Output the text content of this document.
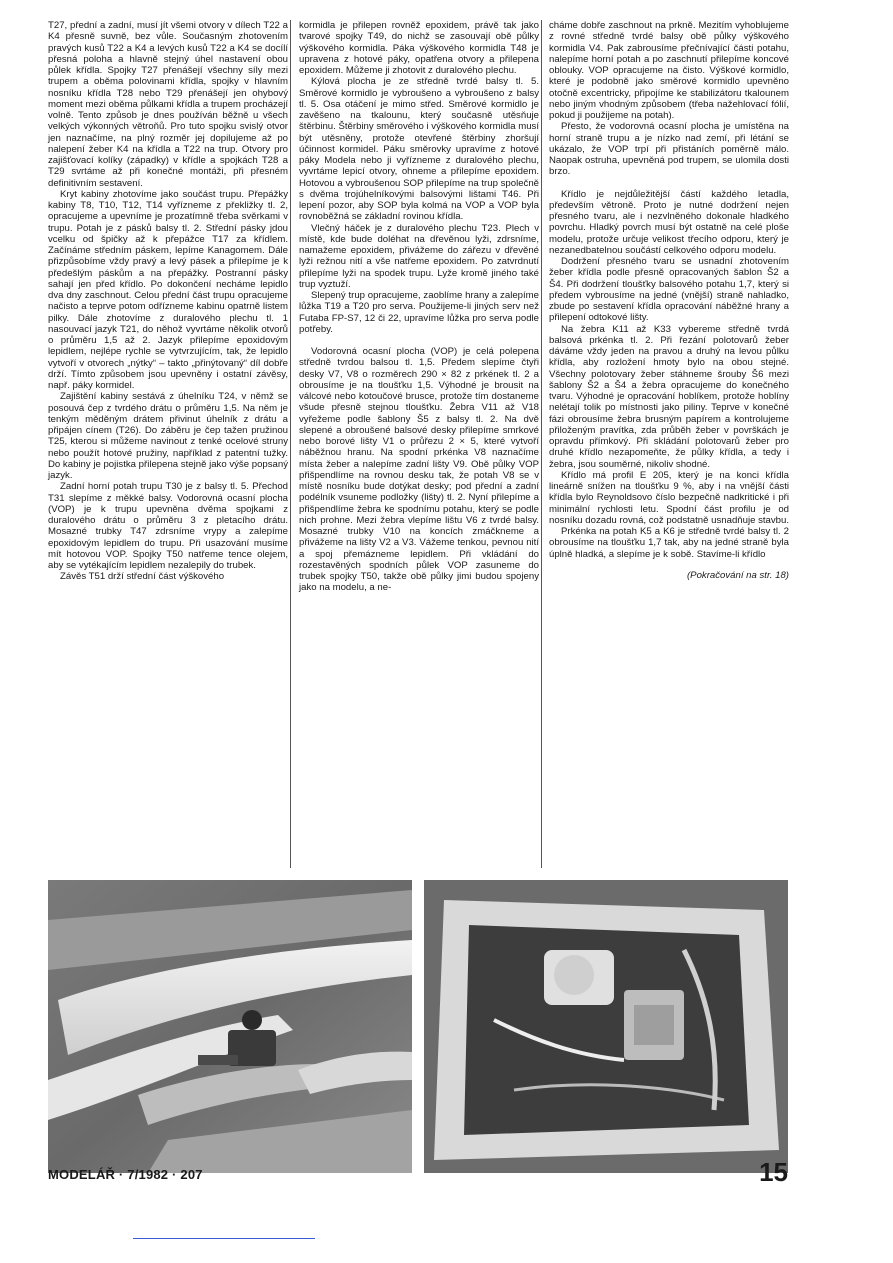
T27, přední a zadní, musí jít všemi otvory v dílech T22 a K4 přesně suvně, bez vůle. Současným zhotovením pravých kusů T22 a K4 a levých kusů T22 a K4 se docílí přesná poloha a hlavně stejný úhel nastavení obou půlek křídla. Spojky T27 přenášejí všechny síly mezi trupem a oběma polovinami křídla, spojky v hlavním nosníku křídla T28 nebo T29 přenášejí jen ohybový moment mezi oběma půlkami křídla a trupem procházejí volně. Tento způsob je dnes používán běžně u všech velkých výkonných větroňů. Pro tuto spojku svislý otvor jen naznačíme, na plný rozměr jej dopilujeme až po nalepení žeber K4 na křídla a T22 na trup. Otvory pro zajišťovací kolíky (západky) v křídle a spojkách T28 a T29 svrtáme až při konečné montáži, při přesném definitivním sestavení.

Kryt kabiny zhotovíme jako součást trupu. Přepážky kabiny T8, T10, T12, T14 vyřízneme z překližky tl. 2, opracujeme a upevníme je prozatímně třeba svěrkami v trupu. Potah je z pásků balsy tl. 2. Střední pásky jdou vcelku od špičky až k přepážce T17 za křídlem. Začínáme středním páskem, lepíme Kanagomem. Dále přizpůsobíme vždy pravý a levý pásek a přilepíme je k předešlým páskům a na přepážky. Postranní pásky sahají jen před křídlo. Po dokončení necháme lepidlo dva dny zaschnout. Celou přední část trupu opracujeme načisto a teprve potom odřízneme kabinu opatrně listem pilky. Dále zhotovíme z duralového plechu tl. 1 nasouvací jazyk T21, do něhož vyvrtáme několik otvorů o průměru 1,5 až 2. Jazyk přilepíme epoxidovým lepidlem, nejlépe rychle se vytvrzujícím, tak, že lepidlo vytvoří v otvorech „nýtky“ – takto „přinýtovaný“ díl dobře drží. Tímto způsobem jsou upevněny i ostatní závěsy, např. páky kormidel.

Zajištění kabiny sestává z úhelníku T24, v němž se posouvá čep z tvrdého drátu o průměru 1,5. Na něm je tenkým měděným drátem přivinut úhelník z drátu a připájen cínem (T26). Do záběru je čep tažen pružinou T25, kterou si můžeme navinout z tenké ocelové struny nebo použít hotové pružiny, například z patentní tužky. Do kabiny je pojistka přilepena stejně jako výše popsaný jazyk.

Zadní horní potah trupu T30 je z balsy tl. 5. Přechod T31 slepíme z měkké balsy. Vodorovná ocasní plocha (VOP) je k trupu upevněna dvěma spojkami z duralového drátu o průměru 3 z pletacího drátu. Mosazné trubky T47 zdrsníme vrypy a zalepíme epoxidovým lepidlem do trupu. Při usazování musíme mít hotovou VOP. Spojky T50 natřeme tence olejem, aby se vytékajícím lepidlem nezalepily do trubek.

Závěs T51 drží střední část výškového

kormidla je přilepen rovněž epoxidem, právě tak jako tvarové spojky T49, do nichž se zasouvají obě půlky výškového kormidla. Páka výškového kormidla T48 je upravena z hotové páky, opatřena otvory a přilepena epoxidem. Můžeme ji zhotovit z duralového plechu.

Kýlová plocha je ze středně tvrdé balsy tl. 5. Směrové kormidlo je vybroušeno a vybroušeno z balsy tl. 5. Osa otáčení je mimo střed. Směrové kormidlo je zavěšeno na tkalounu, který současně utěsňuje štěrbinu. Štěrbiny směrového i výškového kormidla musí být utěsněny, protože otevřené štěrbiny zhoršují účinnost kormidel. Páku směrovky upravíme z hotové páky Modela nebo ji vyřízneme z duralového plechu, vyvrtáme lepicí otvory, ohneme a přilepíme epoxidem. Hotovou a vybroušenou SOP přilepíme na trup společně s dvěma trojúhelníkovými balsovými lištami T46. Při lepení pozor, aby SOP byla kolmá na VOP a VOP byla rovnoběžná se základní rovinou křídla.

Vlečný háček je z duralového plechu T23. Plech v místě, kde bude doléhat na dřevěnou lyži, zdrsníme, namažeme epoxidem, přivážeme do zářezu v dřevěné lyži režnou nití a vše natřeme epoxidem. Po zatvrdnutí přilepíme lyži na spodek trupu. Lyže kromě jiného také trup vyztuží.

Slepený trup opracujeme, zaoblíme hrany a zalepíme lůžka T19 a T20 pro serva. Použijeme-li jiných serv než Futaba FP-S7, 12 či 22, upravíme lůžka pro serva podle potřeby.

Vodorovná ocasní plocha (VOP) je celá polepena středně tvrdou balsou tl. 1,5. Předem slepíme čtyři desky V7, V8 o rozměrech 290 × 82 z prkének tl. 2 a obrousíme je na tloušťku 1,5. Výhodné je brousit na válcové nebo kotoučové brusce, protože tím dostaneme všude přesně stejnou tloušťku. Žebra V11 až V18 vyřežeme podle šablony Š5 z balsy tl. 2. Na dvě slepené a obroušené balsové desky přilepíme smrkové nebo borové lišty V1 o průřezu 2 × 5, které vytvoří náběžnou hranu. Na spodní prkénka V8 naznačíme místa žeber a nalepíme zadní lišty V9. Obě půlky VOP přišpendlíme na rovnou desku tak, že potah V8 se v místě nosníku bude dotýkat desky; pod přední a zadní podélník vsuneme podložky (lišty) tl. 2. Nyní přilepíme a přišpendlíme žebra ke spodnímu potahu, který se podle nich prohne. Mezi žebra vlepíme lištu V6 z tvrdé balsy. Mosazné trubky V10 na koncích zmáčkneme a přivážeme na lišty V2 a V3. Vážeme tenkou, pevnou nití a spoj přemázneme lepidlem. Při vkládání do rozestavěných spodních půlek VOP zasuneme do trubek spojky T50, takže obě půlky jimi budou spojeny jako na modelu, a ne-

cháme dobře zaschnout na prkně. Mezitím vyhoblujeme z rovné středně tvrdé balsy obě půlky výškového kormidla V4. Pak zabrousíme přečnívající části potahu, nalepíme horní potah a po zaschnutí přilepíme koncové oblouky. VOP opracujeme na čisto. Výškové kormidlo, které je podobně jako směrové kormidlo upevněno otočně excentricky, připojíme ke stabilizátoru tkalounem nebo jiným vhodným způsobem (třeba nažehlovací fólií, pokud ji použijeme na potah).

Přesto, že vodorovná ocasní plocha je umístěna na horní straně trupu a je nízko nad zemí, při létání se ukázalo, že VOP trpí při přistáních poměrně málo. Naopak ostruha, upevněná pod trupem, se ulomila dosti brzo.

Křídlo je nejdůležitější částí každého letadla, především větroně. Proto je nutné dodržení nejen přesného tvaru, ale i nezvlněného dokonale hladkého povrchu. Hladký povrch musí být ostatně na celé ploše modelu, protože určuje velikost třecího odporu, který je nezanedbatelnou součástí celkového odporu modelu.

Dodržení přesného tvaru se usnadní zhotovením žeber křídla podle přesně opracovaných šablon Š2 a Š4. Při dodržení tloušťky balsového potahu 1,7, který si předem vybrousíme na jedné (vnější) straně nahladko, zbude po sestavení křídla opracování náběžné hrany a přilepení odtokové lišty.

Na žebra K11 až K33 vybereme středně tvrdá balsová prkénka tl. 2. Při řezání polotovarů žeber dáváme vždy jeden na pravou a druhý na levou půlku křídla, aby rozložení hmoty bylo na obou stejné. Všechny polotovary žeber stáhneme šrouby Š6 mezi šablony Š2 a Š4 a žebra opracujeme do konečného tvaru. Výhodné je opracování hoblíkem, protože hoblíny nelétají tolik po místnosti jako piliny. Teprve v konečné fázi obrousíme žebra brusným papírem a kontrolujeme přiloženým pravítka, zda průběh žeber v površkách je opravdu přímkový. Při skládání polotovarů žeber pro druhé křídlo nezapomeňte, že půlky křídla, a tedy i žebra, jsou souměrné, nikoliv shodné.

Křídlo má profil E 205, který je na konci křídla lineárně snížen na tloušťku 9 %, aby i na vnější části křídla bylo Reynoldsovo číslo bezpečně nadkritické i při minimální rychlosti letu. Spodní část profilu je od nosníku dozadu rovná, což podstatně usnadňuje stavbu.

Prkénka na potah K5 a K6 je středně tvrdé balsy tl. 2 obrousíme na tloušťku 1,7 tak, aby na jedné straně byla úplně hladká, a slepíme je k sobě. Stavíme-li křídlo

(Pokračování na str. 18)

MODELÁŘ · 7/1982 · 207	15
